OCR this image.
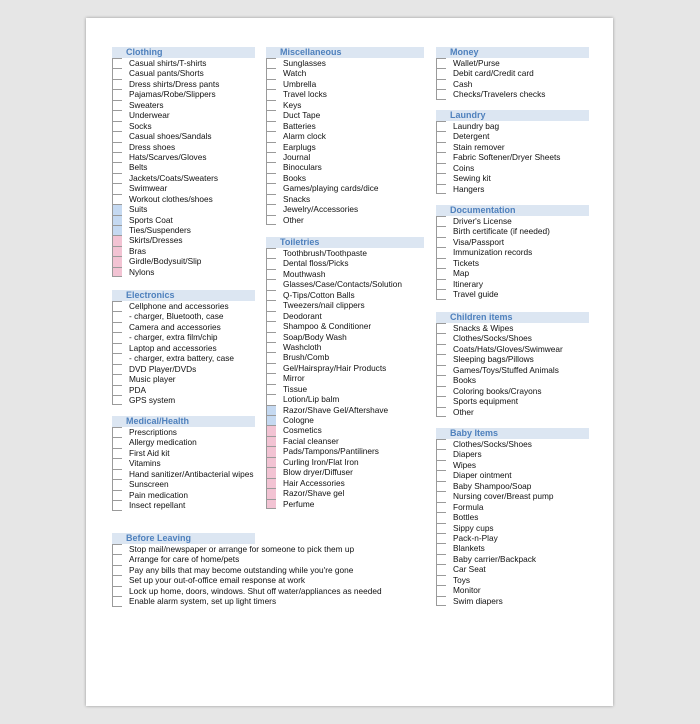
Clothing
Casual shirts/T-shirts
Casual pants/Shorts
Dress shirts/Dress pants
Pajamas/Robe/Slippers
Sweaters
Underwear
Socks
Casual shoes/Sandals
Dress shoes
Hats/Scarves/Gloves
Belts
Jackets/Coats/Sweaters
Swimwear
Workout clothes/shoes
Suits
Sports Coat
Ties/Suspenders
Skirts/Dresses
Bras
Girdle/Bodysuit/Slip
Nylons
Electronics
Cellphone and accessories
- charger, Bluetooth, case
Camera and accessories
- charger, extra film/chip
Laptop and accessories
- charger, extra battery, case
DVD Player/DVDs
Music player
PDA
GPS system
Medical/Health
Prescriptions
Allergy medication
First Aid kit
Vitamins
Hand sanitizer/Antibacterial wipes
Sunscreen
Pain medication
Insect repellant
Before Leaving
Stop mail/newspaper or arrange for someone to pick them up
Arrange for care of home/pets
Pay any bills that may become outstanding while you're gone
Set up your out-of-office email response at work
Lock up home, doors, windows. Shut off water/appliances as needed
Enable alarm system, set up light timers
Miscellaneous
Sunglasses
Watch
Umbrella
Travel locks
Keys
Duct Tape
Batteries
Alarm clock
Earplugs
Journal
Binoculars
Books
Games/playing cards/dice
Snacks
Jewelry/Accessories
Other
Toiletries
Toothbrush/Toothpaste
Dental floss/Picks
Mouthwash
Glasses/Case/Contacts/Solution
Q-Tips/Cotton Balls
Tweezers/nail clippers
Deodorant
Shampoo & Conditioner
Soap/Body Wash
Washcloth
Brush/Comb
Gel/Hairspray/Hair Products
Mirror
Tissue
Lotion/Lip balm
Razor/Shave Gel/Aftershave
Cologne
Cosmetics
Facial cleanser
Pads/Tampons/Pantiliners
Curling Iron/Flat Iron
Blow dryer/Diffuser
Hair Accessories
Razor/Shave gel
Perfume
Money
Wallet/Purse
Debit card/Credit card
Cash
Checks/Travelers checks
Laundry
Laundry bag
Detergent
Stain remover
Fabric Softener/Dryer Sheets
Coins
Sewing kit
Hangers
Documentation
Driver's License
Birth certificate (if needed)
Visa/Passport
Immunization records
Tickets
Map
Itinerary
Travel guide
Children items
Snacks & Wipes
Clothes/Socks/Shoes
Coats/Hats/Gloves/Swimwear
Sleeping bags/Pillows
Games/Toys/Stuffed Animals
Books
Coloring books/Crayons
Sports equipment
Other
Baby Items
Clothes/Socks/Shoes
Diapers
Wipes
Diaper ointment
Baby Shampoo/Soap
Nursing cover/Breast pump
Formula
Bottles
Sippy cups
Pack-n-Play
Blankets
Baby carrier/Backpack
Car Seat
Toys
Monitor
Swim diapers
